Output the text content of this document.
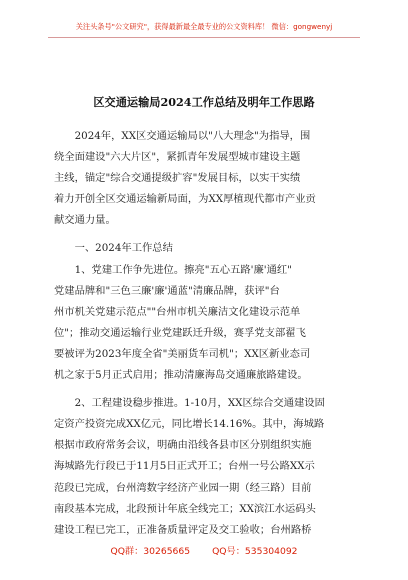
关注头条号"公文研究"，获得最新最全最专业的公文资料库！ 微信：gongwenyj
区交通运输局2024工作总结及明年工作思路
　　2024年，XX区交通运输局以"八大理念"为指导，围
绕全面建设"六大片区"，紧抓青年发展型城市建设主题
主线，锚定"综合交通提级扩容"发展目标，以实干实绩
着力开创全区交通运输新局面，为XX厚植现代都市产业贡
献交通力量。
　　一、2024年工作总结
　　1、党建工作争先进位。擦亮"五心五路'廉'通红"
党建品牌和"三色三廉'廉'通蓝"清廉品牌，获评"台
州市机关党建示范点""台州市机关廉洁文化建设示范单
位"；推动交通运输行业党建跃迁升级，赛孚党支部翟飞
要被评为2023年度全省"美丽货车司机"；XX区新业态司
机之家于5月正式启用；推动清廉海岛交通廉旅路建设。
　　2、工程建设稳步推进。1-10月，XX区综合交通建设固
定资产投资完成XX亿元，同比增长14.16%。其中，海城路
根据市政府常务会议，明确由沿线各县市区分别组织实施
海城路先行段已于11月5日正式开工；台州一号公路XX示
范段已完成，台州湾数字经济产业园一期（经三路）目前
南段基本完成，北段预计年底全线完工；XX滨江水运码头
建设工程已完工，正准备质量评定及交工验收；台州路桥
QQ群：30265665 QQ号：535304092
